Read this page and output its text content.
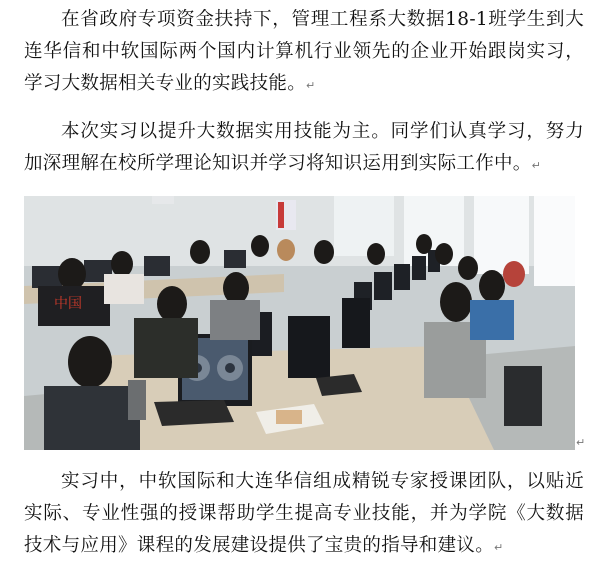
在省政府专项资金扶持下，管理工程系大数据18-1班学生到大连华信和中软国际两个国内计算机行业领先的企业开始跟岗实习，学习大数据相关专业的实践技能。↵

本次实习以提升大数据实用技能为主。同学们认真学习，努力加深理解在校所学理论知识并学习将知识运用到实际工作中。↵

中国
↵

实习中，中软国际和大连华信组成精锐专家授课团队，以贴近实际、专业性强的授课帮助学生提高专业技能，并为学院《大数据技术与应用》课程的发展建设提供了宝贵的指导和建议。↵
